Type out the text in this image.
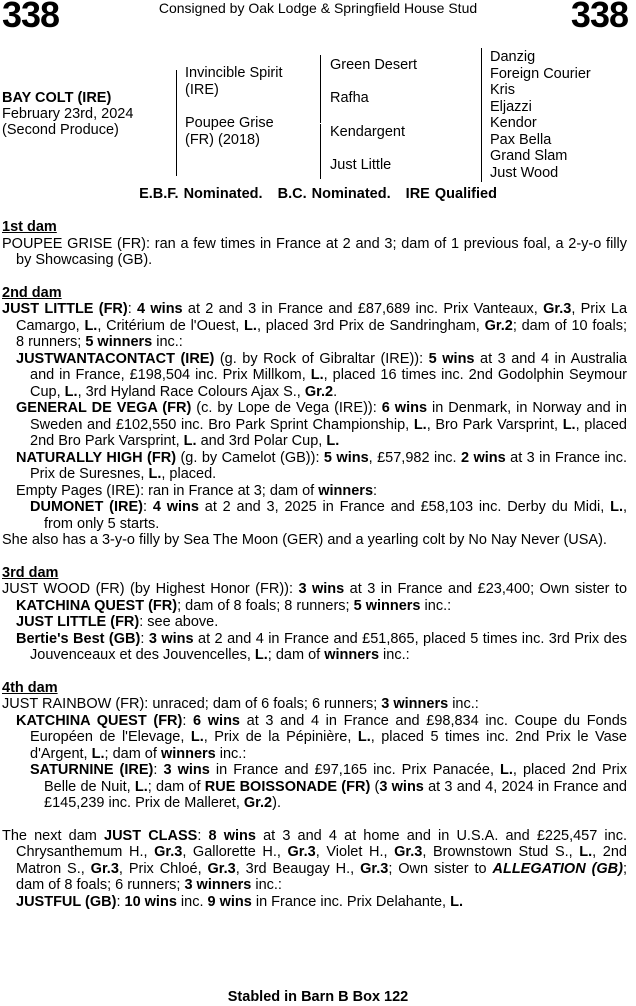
338	Consigned by Oak Lodge & Springfield House Stud	338
BAY COLT (IRE)
February 23rd, 2024
(Second Produce)
Invincible Spirit (IRE)
Poupee Grise (FR) (2018)
Green Desert
Rafha
Kendargent
Just Little
Danzig
Foreign Courier
Kris
Eljazzi
Kendor
Pax Bella
Grand Slam
Just Wood
E.B.F. Nominated.   B.C. Nominated.   IRE Qualified

1st dam

POUPEE GRISE (FR): ran a few times in France at 2 and 3; dam of 1 previous foal, a 2-y-o filly by Showcasing (GB).

2nd dam

JUST LITTLE (FR): 4 wins at 2 and 3 in France and £87,689 inc. Prix Vanteaux, Gr.3, Prix La Camargo, L., Critérium de l'Ouest, L., placed 3rd Prix de Sandringham, Gr.2; dam of 10 foals; 8 runners; 5 winners inc.:

JUSTWANTACONTACT (IRE) (g. by Rock of Gibraltar (IRE)): 5 wins at 3 and 4 in Australia and in France, £198,504 inc. Prix Millkom, L., placed 16 times inc. 2nd Godolphin Seymour Cup, L., 3rd Hyland Race Colours Ajax S., Gr.2.

GENERAL DE VEGA (FR) (c. by Lope de Vega (IRE)): 6 wins in Denmark, in Norway and in Sweden and £102,550 inc. Bro Park Sprint Championship, L., Bro Park Varsprint, L., placed 2nd Bro Park Varsprint, L. and 3rd Polar Cup, L.

NATURALLY HIGH (FR) (g. by Camelot (GB)): 5 wins, £57,982 inc. 2 wins at 3 in France inc. Prix de Suresnes, L., placed.

Empty Pages (IRE): ran in France at 3; dam of winners:

DUMONET (IRE): 4 wins at 2 and 3, 2025 in France and £58,103 inc. Derby du Midi, L., from only 5 starts.

She also has a 3-y-o filly by Sea The Moon (GER) and a yearling colt by No Nay Never (USA).

3rd dam

JUST WOOD (FR) (by Highest Honor (FR)): 3 wins at 3 in France and £23,400; Own sister to KATCHINA QUEST (FR); dam of 8 foals; 8 runners; 5 winners inc.:

JUST LITTLE (FR): see above.

Bertie's Best (GB): 3 wins at 2 and 4 in France and £51,865, placed 5 times inc. 3rd Prix des Jouvenceaux et des Jouvencelles, L.; dam of winners inc.:

4th dam

JUST RAINBOW (FR): unraced; dam of 6 foals; 6 runners; 3 winners inc.:

KATCHINA QUEST (FR): 6 wins at 3 and 4 in France and £98,834 inc. Coupe du Fonds Européen de l'Elevage, L., Prix de la Pépinière, L., placed 5 times inc. 2nd Prix le Vase d'Argent, L.; dam of winners inc.:

SATURNINE (IRE): 3 wins in France and £97,165 inc. Prix Panacée, L., placed 2nd Prix Belle de Nuit, L.; dam of RUE BOISSONADE (FR) (3 wins at 3 and 4, 2024 in France and £145,239 inc. Prix de Malleret, Gr.2).

The next dam JUST CLASS: 8 wins at 3 and 4 at home and in U.S.A. and £225,457 inc. Chrysanthemum H., Gr.3, Gallorette H., Gr.3, Violet H., Gr.3, Brownstown Stud S., L., 2nd Matron S., Gr.3, Prix Chloé, Gr.3, 3rd Beaugay H., Gr.3; Own sister to ALLEGATION (GB); dam of 8 foals; 6 runners; 3 winners inc.:

JUSTFUL (GB): 10 wins inc. 9 wins in France inc. Prix Delahante, L.

Stabled in Barn B Box 122
